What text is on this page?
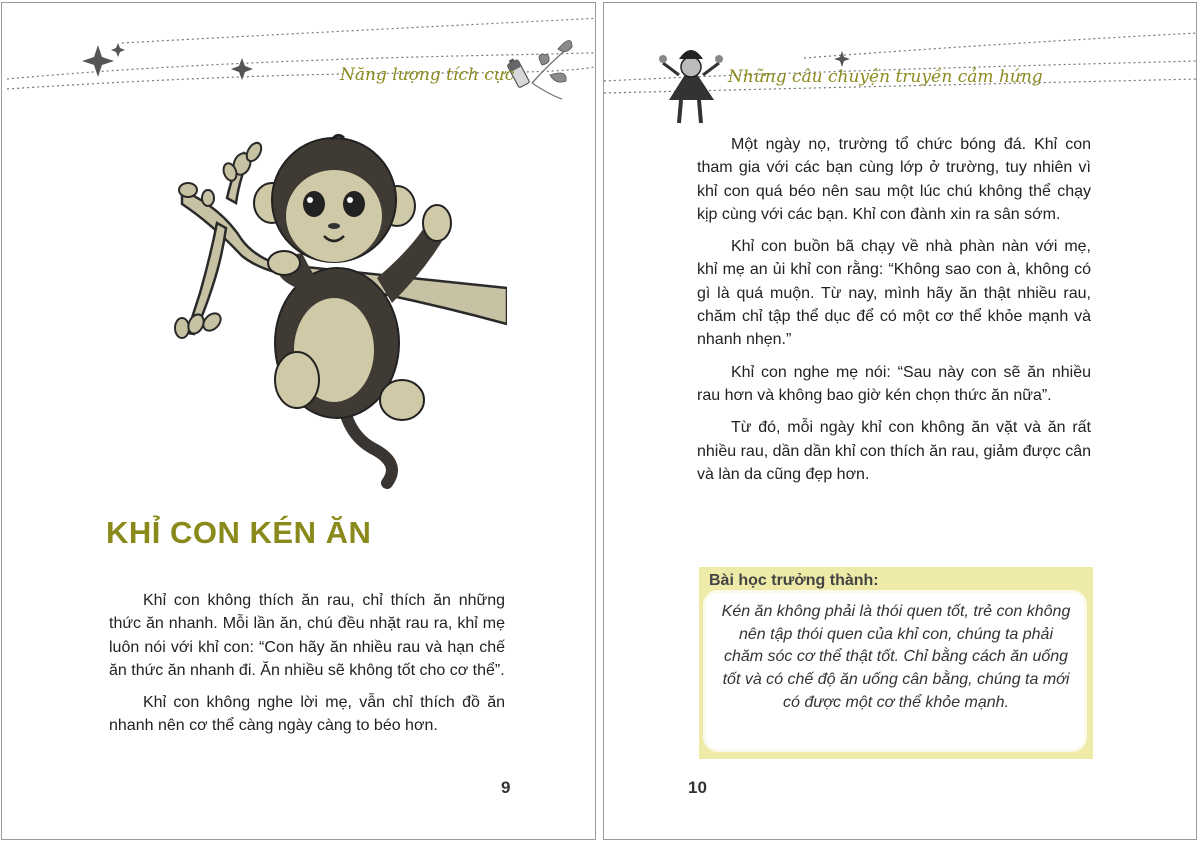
Năng lượng tích cực
KHỈ CON KÉN ĂN

Khỉ con không thích ăn rau, chỉ thích ăn những thức ăn nhanh. Mỗi lần ăn, chú đều nhặt rau ra, khỉ mẹ luôn nói với khỉ con: “Con hãy ăn nhiều rau và hạn chế ăn thức ăn nhanh đi. Ăn nhiều sẽ không tốt cho cơ thể”.

Khỉ con không nghe lời mẹ, vẫn chỉ thích đồ ăn nhanh nên cơ thể càng ngày càng to béo hơn.

9
Những câu chuyện truyền cảm hứng

Một ngày nọ, trường tổ chức bóng đá. Khỉ con tham gia với các bạn cùng lớp ở trường, tuy nhiên vì khỉ con quá béo nên sau một lúc chú không thể chạy kịp cùng với các bạn. Khỉ con đành xin ra sân sớm.

Khỉ con buồn bã chạy về nhà phàn nàn với mẹ, khỉ mẹ an ủi khỉ con rằng: “Không sao con à, không có gì là quá muộn. Từ nay, mình hãy ăn thật nhiều rau, chăm chỉ tập thể dục để có một cơ thể khỏe mạnh và nhanh nhẹn.”

Khỉ con nghe mẹ nói: “Sau này con sẽ ăn nhiều rau hơn và không bao giờ kén chọn thức ăn nữa”.

Từ đó, mỗi ngày khỉ con không ăn vặt và ăn rất nhiều rau, dần dần khỉ con thích ăn rau, giảm được cân và làn da cũng đẹp hơn.

Bài học trưởng thành:

Kén ăn không phải là thói quen tốt, trẻ con không nên tập thói quen của khỉ con, chúng ta phải chăm sóc cơ thể thật tốt. Chỉ bằng cách ăn uống tốt và có chế độ ăn uống cân bằng, chúng ta mới có được một cơ thể khỏe mạnh.

10
